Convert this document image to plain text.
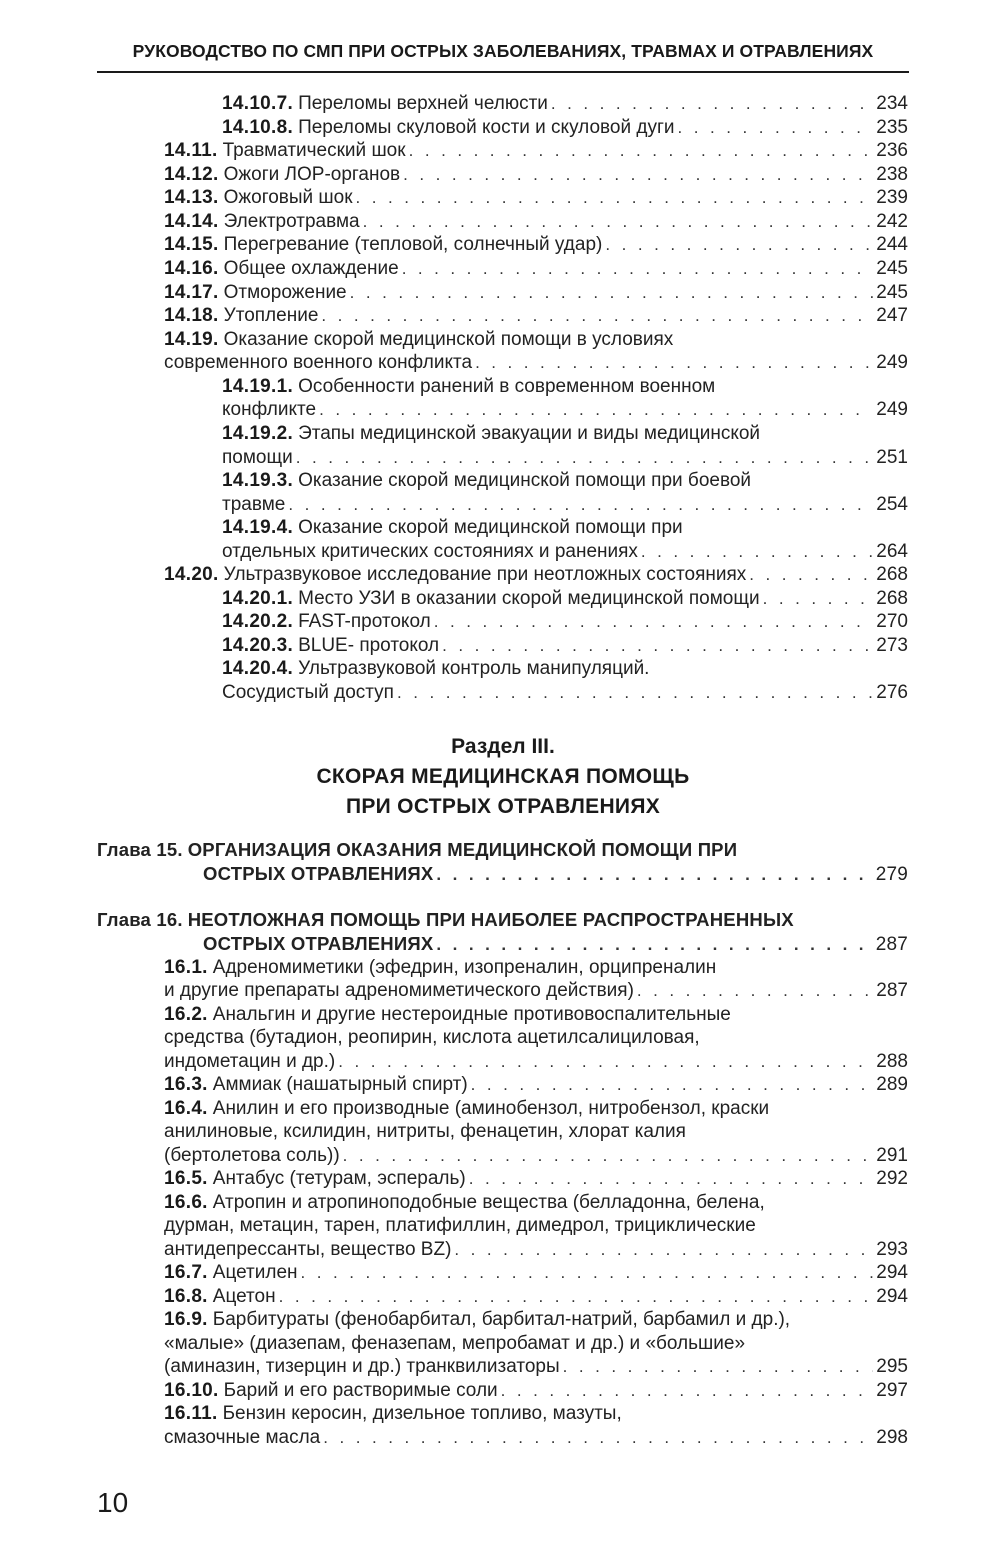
РУКОВОДСТВО ПО СМП ПРИ ОСТРЫХ ЗАБОЛЕВАНИЯХ, ТРАВМАХ И ОТРАВЛЕНИЯХ
14.10.7. Переломы верхней челюсти . . .	234
14.10.8. Переломы скуловой кости и скуловой дуги . . .	235
14.11. Травматический шок . . .	236
14.12. Ожоги ЛОР-органов . . .	238
14.13. Ожоговый шок . . .	239
14.14. Электротравма . . .	242
14.15. Перегревание (тепловой, солнечный удар) . . .	244
14.16. Общее охлаждение . . .	245
14.17. Отморожение . . .	245
14.18. Утопление . . .	247
14.19. Оказание скорой медицинской помощи в условиях
современного военного конфликта . . .	249
14.19.1. Особенности ранений в современном военном
конфликте . . .	249
14.19.2. Этапы медицинской эвакуации и виды медицинской
помощи . . .	251
14.19.3. Оказание скорой медицинской помощи при боевой
травме . . .	254
14.19.4. Оказание скорой медицинской помощи при
отдельных критических состояниях и ранениях . . .	264
14.20. Ультразвуковое исследование при неотложных состояниях . . .	268
14.20.1. Место УЗИ в оказании скорой медицинской помощи . . .	268
14.20.2. FAST-протокол . . .	270
14.20.3. BLUE- протокол . . .	273
14.20.4. Ультразвуковой контроль манипуляций.
Сосудистый доступ . . .	276
Раздел III.
СКОРАЯ МЕДИЦИНСКАЯ ПОМОЩЬ
ПРИ ОСТРЫХ ОТРАВЛЕНИЯХ
Глава 15. ОРГАНИЗАЦИЯ ОКАЗАНИЯ МЕДИЦИНСКОЙ ПОМОЩИ ПРИ
ОСТРЫХ ОТРАВЛЕНИЯХ . . .	279
Глава 16. НЕОТЛОЖНАЯ ПОМОЩЬ ПРИ НАИБОЛЕЕ РАСПРОСТРАНЕННЫХ
ОСТРЫХ ОТРАВЛЕНИЯХ . . .	287
16.1. Адреномиметики (эфедрин, изопреналин, орципреналин
и другие препараты адреномиметического действия) . . .	287
16.2. Анальгин и другие нестероидные противовоспалительные
средства (бутадион, реопирин, кислота ацетилсалициловая,
индометацин и др.) . . .	288
16.3. Аммиак (нашатырный спирт) . . .	289
16.4. Анилин и его производные (аминобензол, нитробензол, краски
анилиновые, ксилидин, нитриты, фенацетин, хлорат калия
(бертолетова соль)) . . .	291
16.5. Антабус (тетурам, эспераль) . . .	292
16.6. Атропин и атропиноподобные вещества (белладонна, белена,
дурман, метацин, тарен, платифиллин, димедрол, трициклические
антидепрессанты, вещество BZ) . . .	293
16.7. Ацетилен . . .	294
16.8. Ацетон . . .	294
16.9. Барбитураты (фенобарбитал, барбитал-натрий, барбамил и др.),
«малые» (диазепам, феназепам, мепробамат и др.) и «большие»
(аминазин, тизерцин и др.) транквилизаторы . . .	295
16.10. Барий и его растворимые соли . . .	297
16.11. Бензин керосин, дизельное топливо, мазуты,
смазочные масла . . .	298
10
